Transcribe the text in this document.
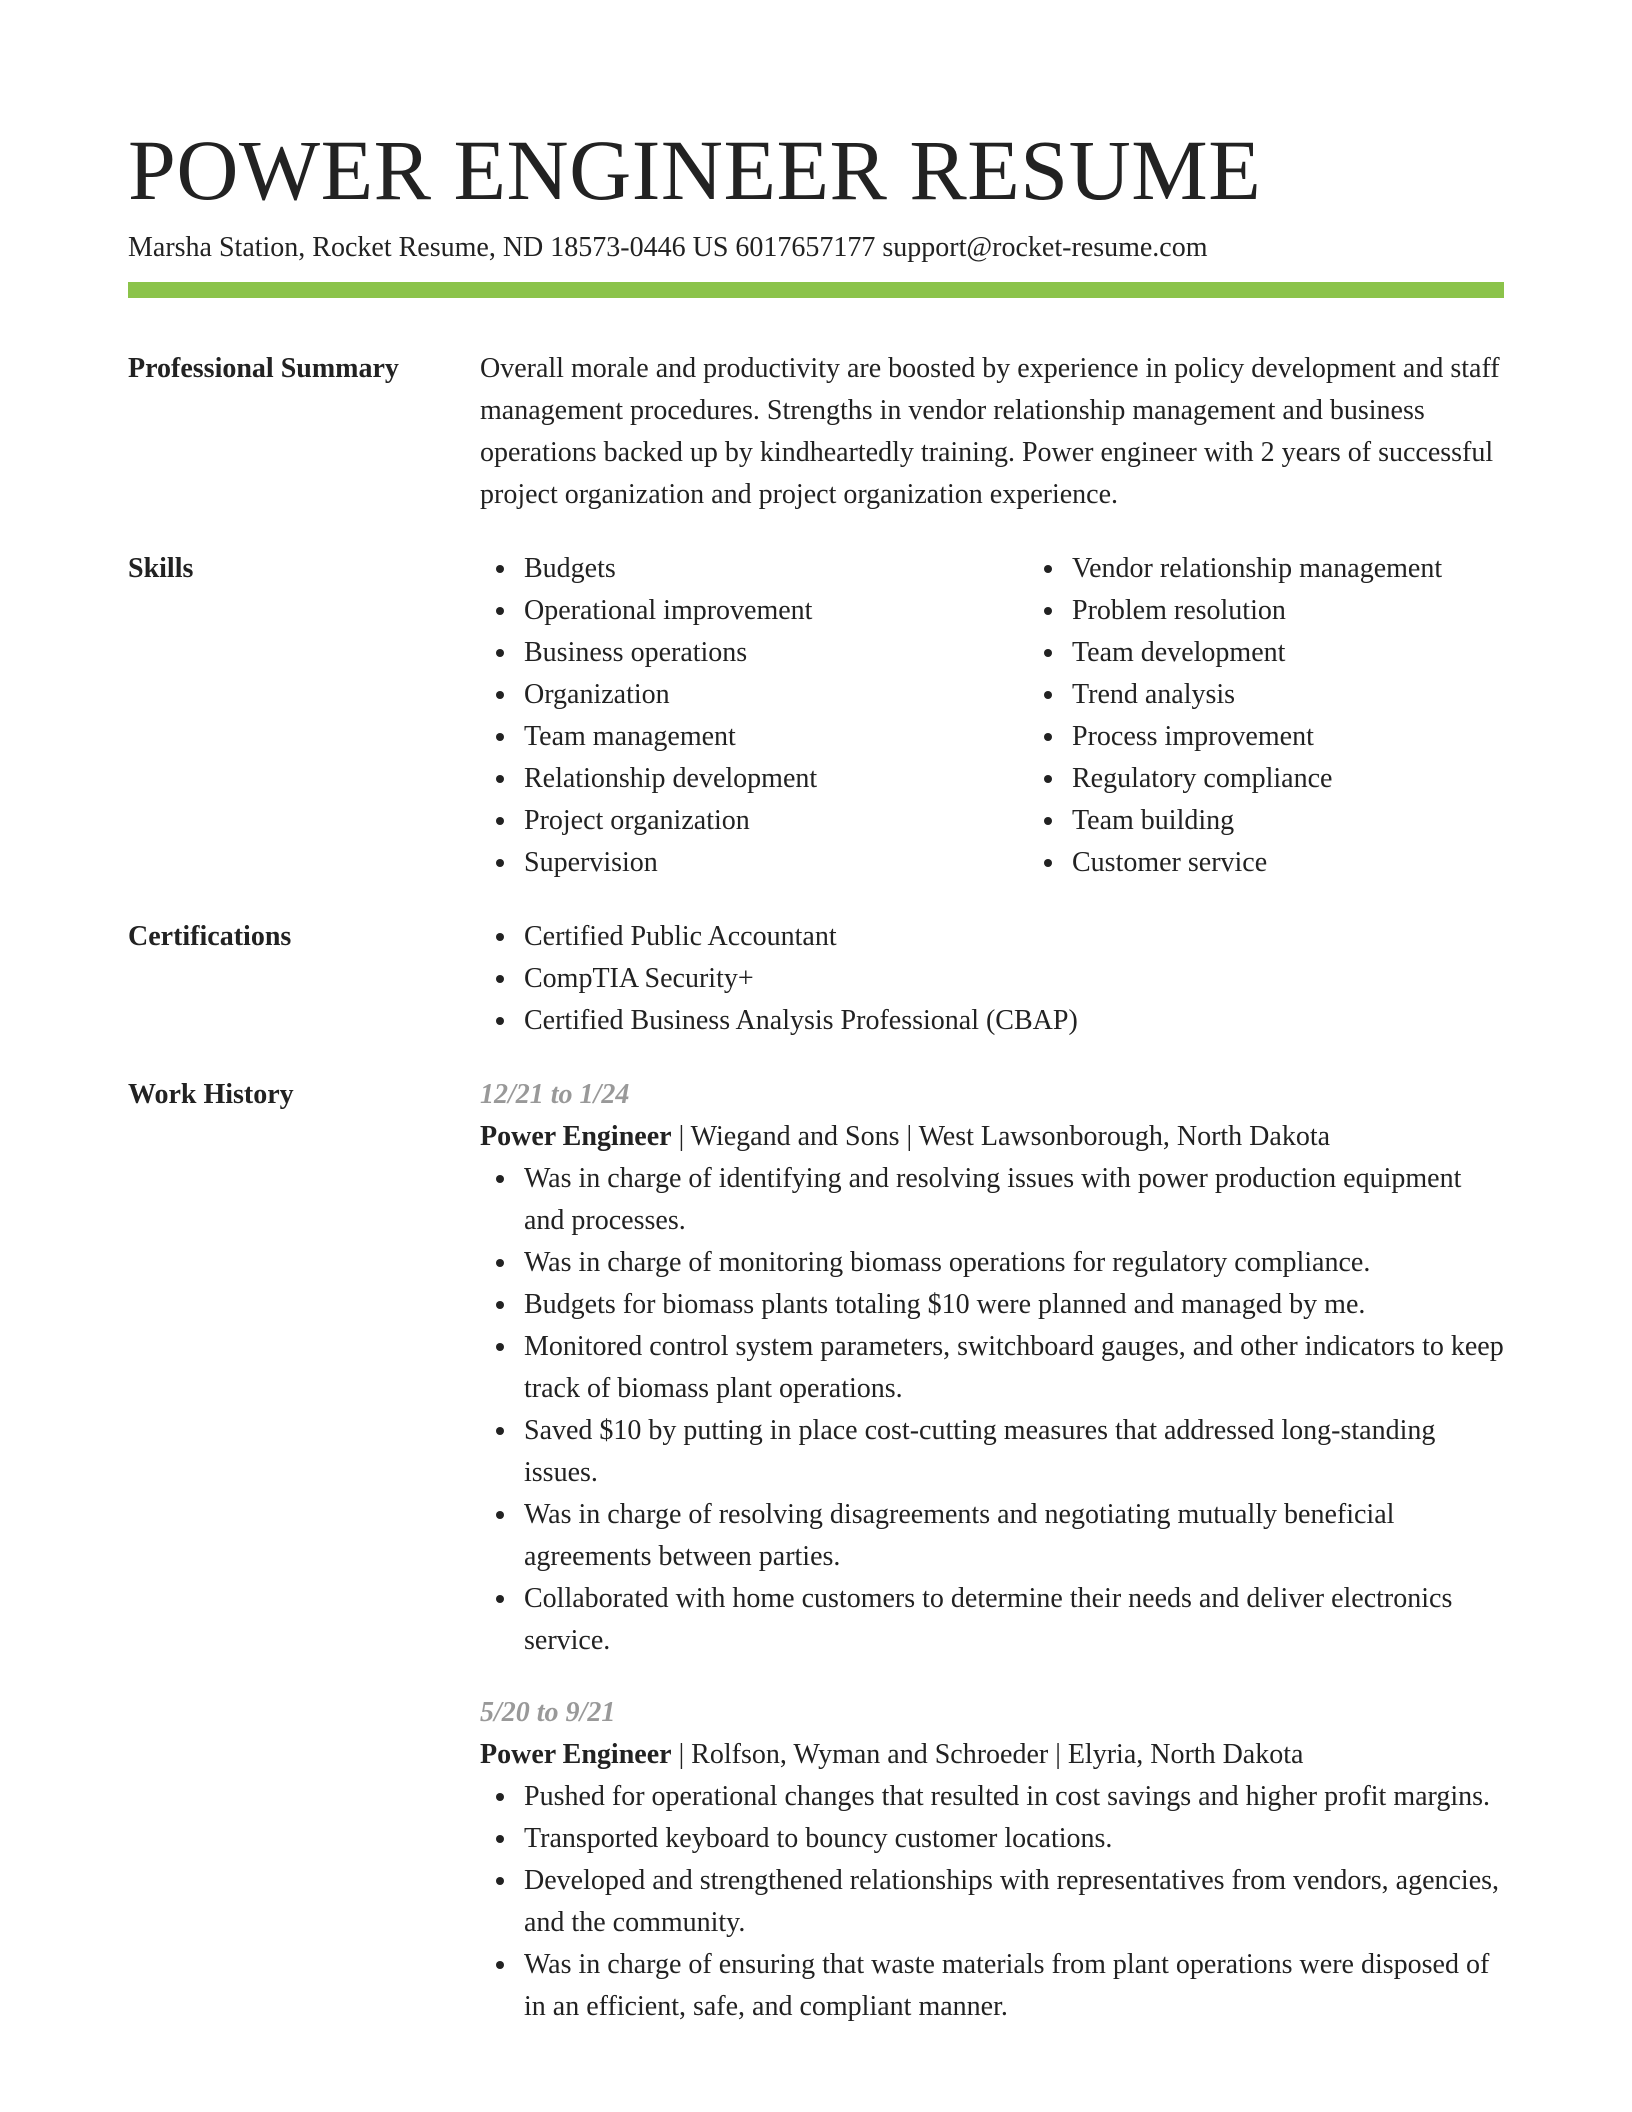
POWER ENGINEER RESUME
Marsha Station, Rocket Resume, ND 18573-0446 US 6017657177 support@rocket-resume.com
Professional Summary	Overall morale and productivity are boosted by experience in policy development and staff management procedures. Strengths in vendor relationship management and business operations backed up by kindheartedly training. Power engineer with 2 years of successful project organization and project organization experience.
Skills	Budgets
Operational improvement
Business operations
Organization
Team management
Relationship development
Project organization
Supervision
Vendor relationship management
Problem resolution
Team development
Trend analysis
Process improvement
Regulatory compliance
Team building
Customer service
Certifications	Certified Public Accountant
CompTIA Security+
Certified Business Analysis Professional (CBAP)
Work History	12/21 to 1/24
Power Engineer | Wiegand and Sons | West Lawsonborough, North Dakota
Was in charge of identifying and resolving issues with power production equipment and processes.
Was in charge of monitoring biomass operations for regulatory compliance.
Budgets for biomass plants totaling $10 were planned and managed by me.
Monitored control system parameters, switchboard gauges, and other indicators to keep track of biomass plant operations.
Saved $10 by putting in place cost-cutting measures that addressed long-standing issues.
Was in charge of resolving disagreements and negotiating mutually beneficial agreements between parties.
Collaborated with home customers to determine their needs and deliver electronics service.
5/20 to 9/21
Power Engineer | Rolfson, Wyman and Schroeder | Elyria, North Dakota
Pushed for operational changes that resulted in cost savings and higher profit margins.
Transported keyboard to bouncy customer locations.
Developed and strengthened relationships with representatives from vendors, agencies, and the community.
Was in charge of ensuring that waste materials from plant operations were disposed of in an efficient, safe, and compliant manner.
